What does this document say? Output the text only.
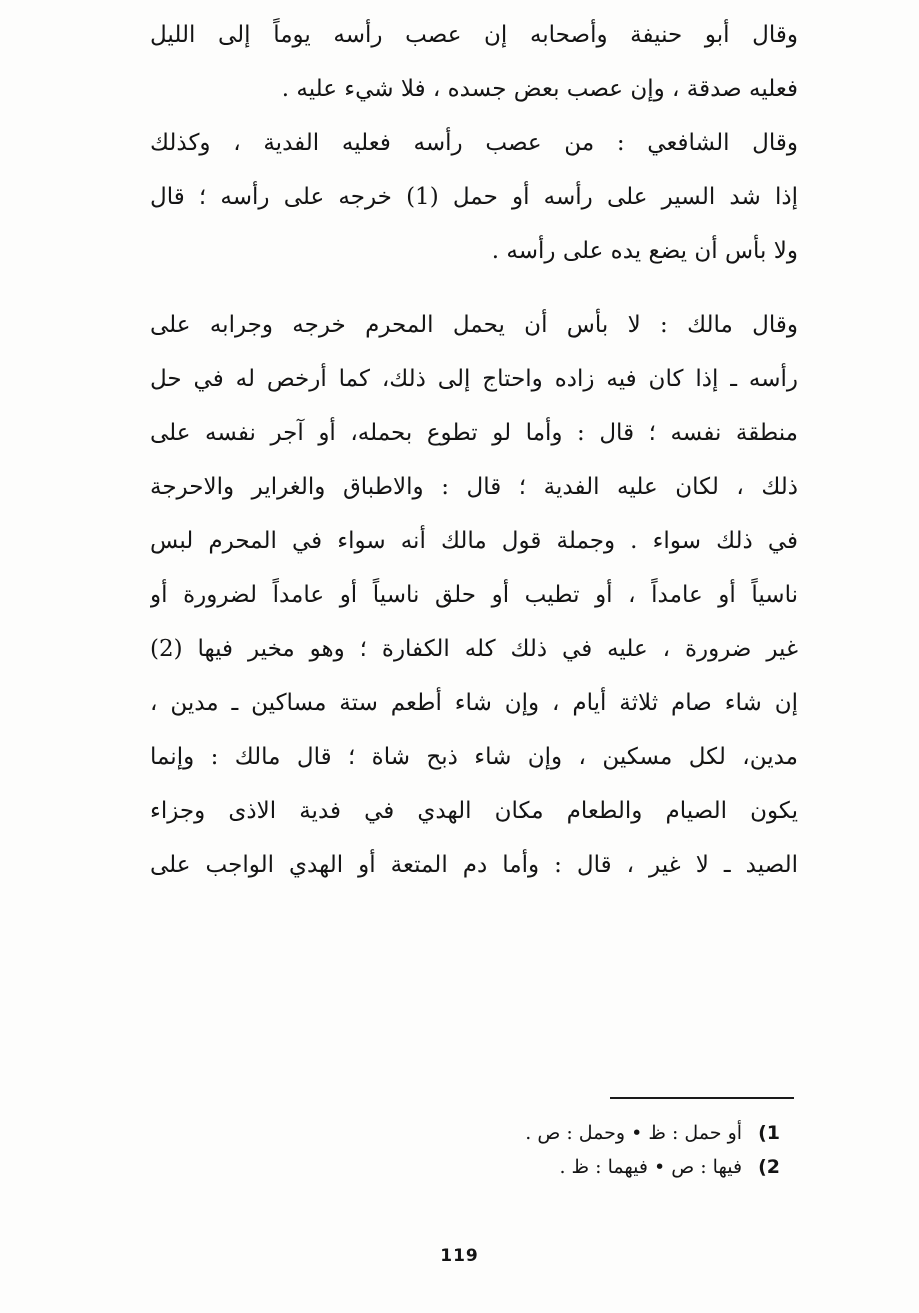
وقال أبو حنيفة وأصحابه إن عصب رأسه يوماً إلى الليل
فعليه صدقة ، وإن عصب بعض جسده ، فلا شيء عليه .
وقال الشافعي : من عصب رأسه فعليه الفدية ، وكذلك
إذا شد السير على رأسه أو حمل (1) خرجه على رأسه ؛ قال
ولا بأس أن يضع يده على رأسه .
وقال مالك : لا بأس أن يحمل المحرم خرجه وجرابه على
رأسه ـ إذا كان فيه زاده واحتاج إلى ذلك، كما أرخص له في حل
منطقة نفسه ؛ قال : وأما لو تطوع بحمله، أو آجر نفسه على
ذلك ، لكان عليه الفدية ؛ قال : والاطباق والغراير والاحرجة
في ذلك سواء . وجملة قول مالك أنه سواء في المحرم لبس
ناسياً أو عامداً ، أو تطيب أو حلق ناسياً أو عامداً لضرورة أو
غير ضرورة ، عليه في ذلك كله الكفارة ؛ وهو مخير فيها (2)
إن شاء صام ثلاثة أيام ، وإن شاء أطعم ستة مساكين ـ مدين ،
مدين، لكل مسكين ، وإن شاء ذبح شاة ؛ قال مالك : وإنما
يكون الصيام والطعام مكان الهدي في فدية الاذى وجزاء
الصيد ـ لا غير ، قال : وأما دم المتعة أو الهدي الواجب على
1) أو حمل : ظ • وحمل : ص .
2) فيها : ص • فيهما : ظ .
119
